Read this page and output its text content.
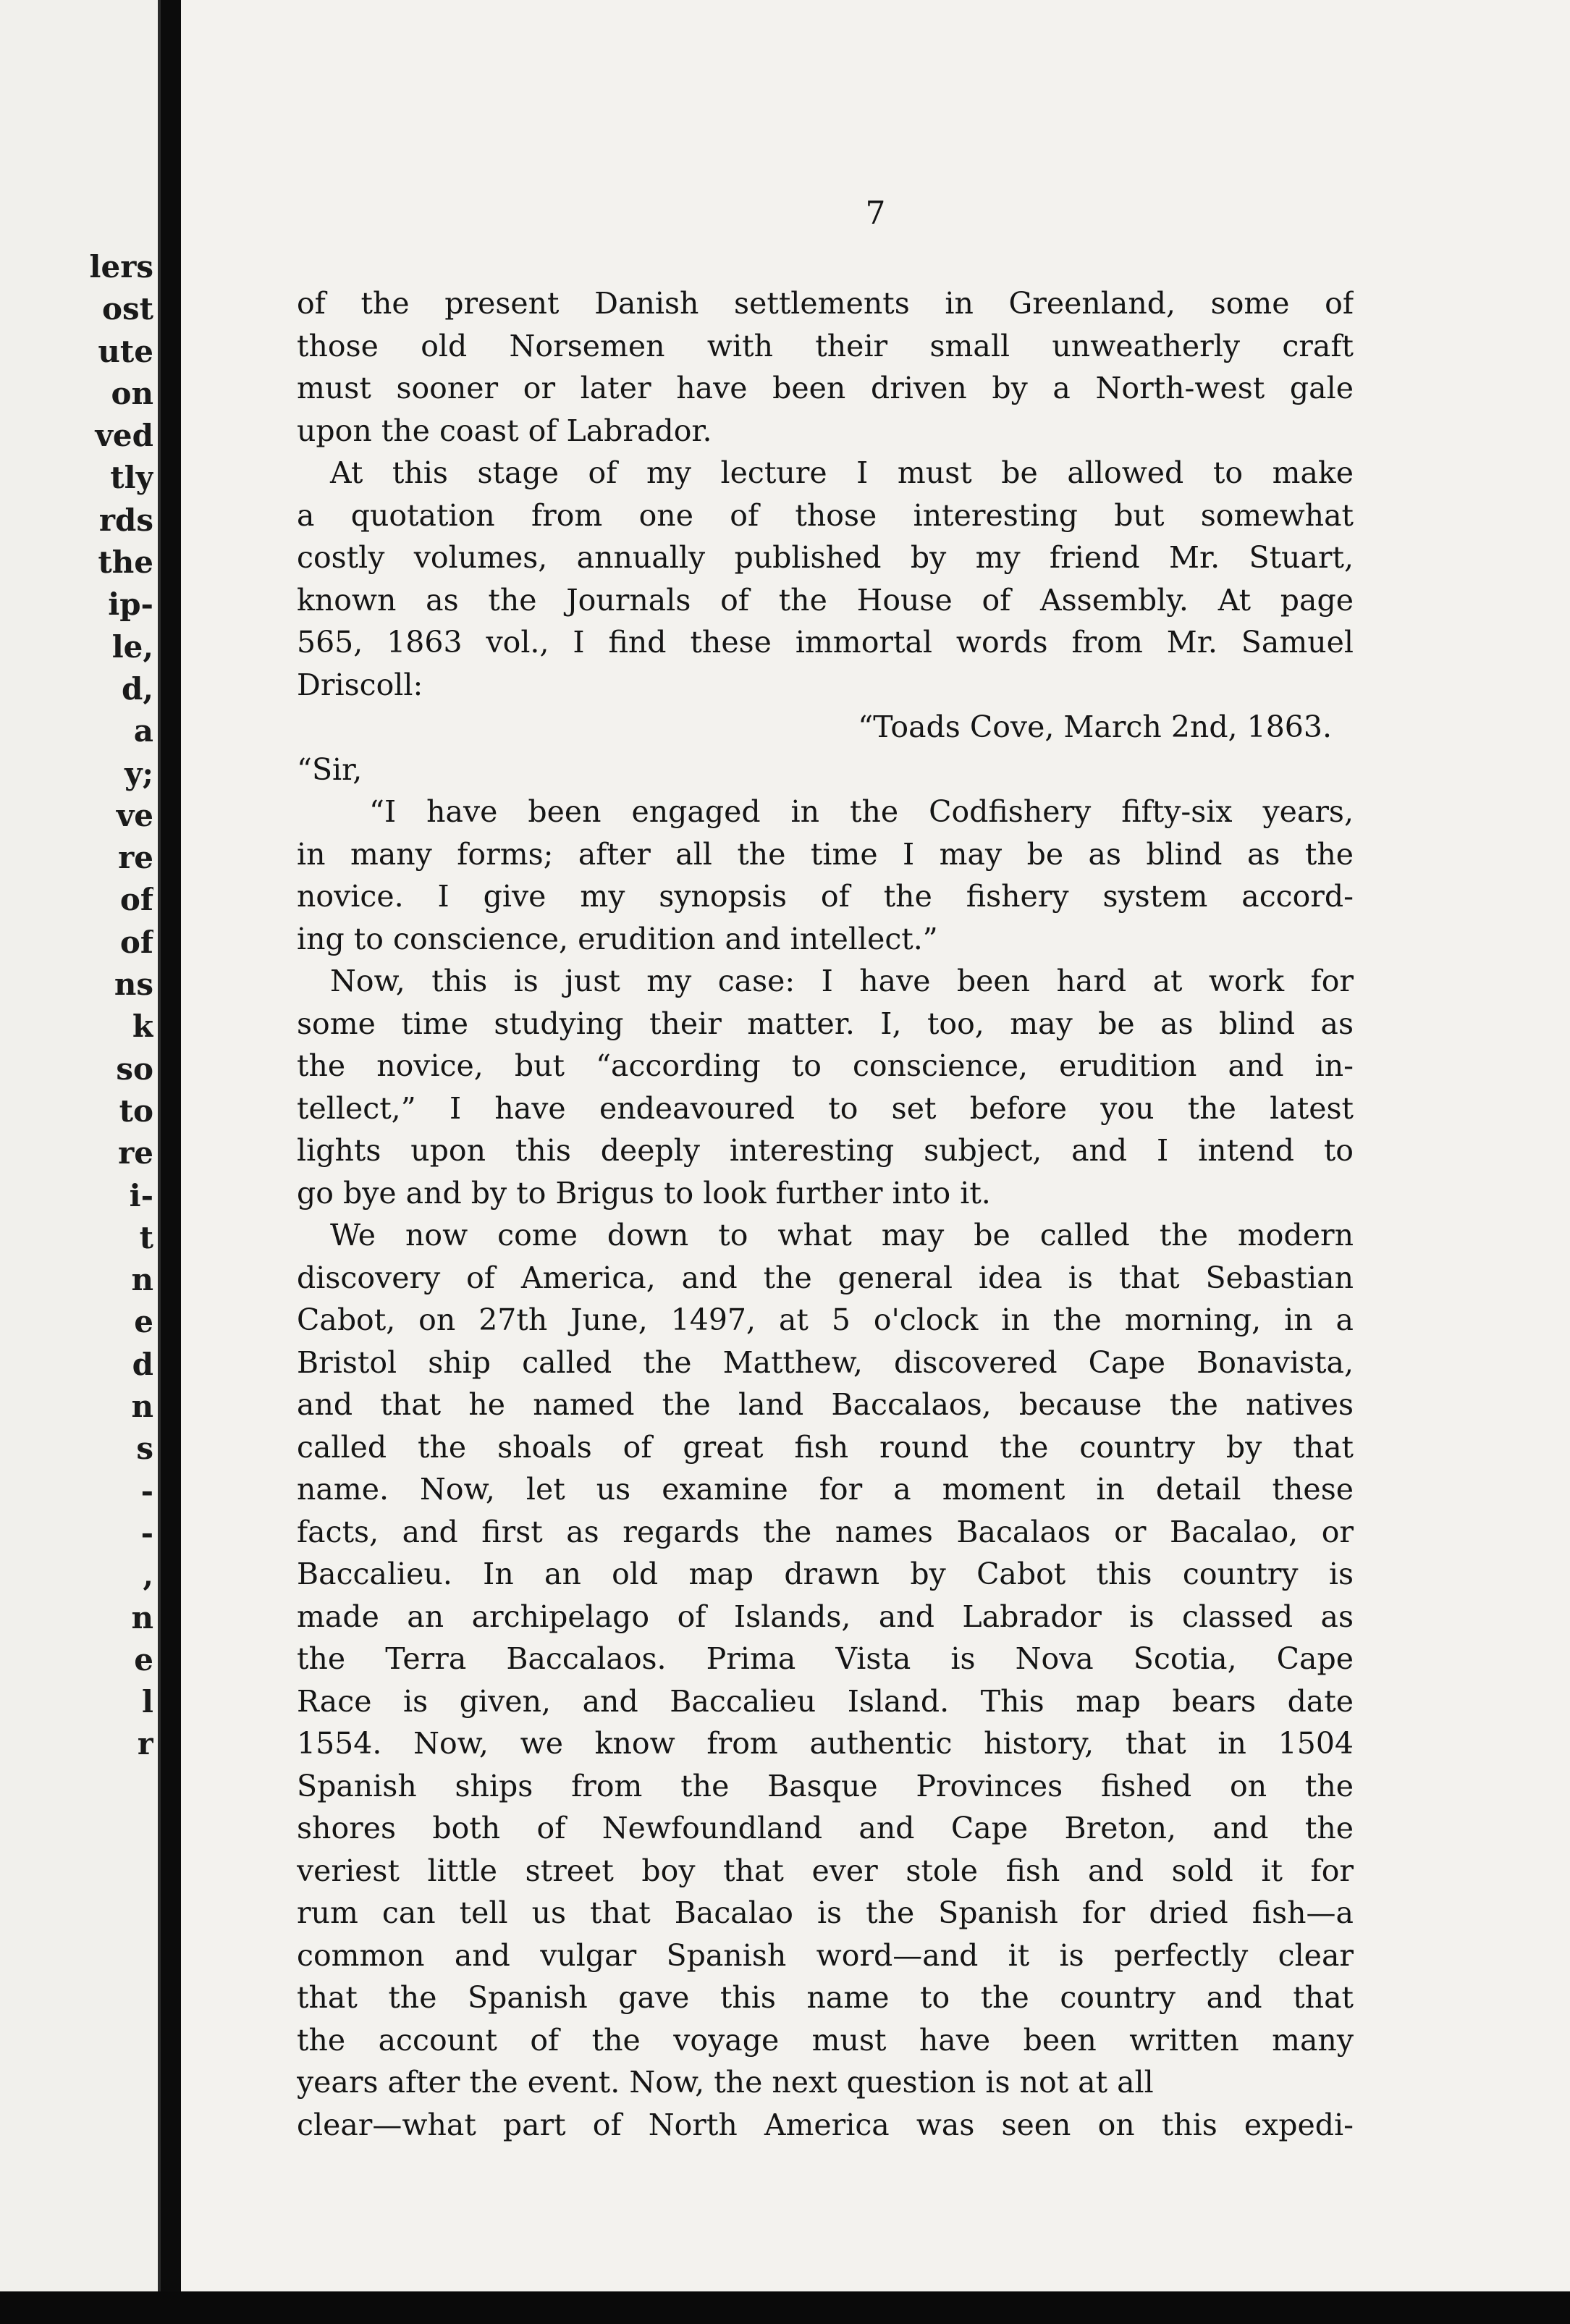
lers
ost
ute
on
ved
tly
rds
the
ip-
le,
d,
a
y;
ve
re
of
of
ns
k
so
to
re
i-
t
n
e
d
n
s
-
-
,
n
e
l
r
7
of the present Danish settlements in Greenland, some of
those old Norsemen with their small unweatherly craft
must sooner or later have been driven by a North-west gale
upon the coast of Labrador.
At this stage of my lecture I must be allowed to make
a quotation from one of those interesting but somewhat
costly volumes, annually published by my friend Mr. Stuart,
known as the Journals of the House of Assembly. At page
565, 1863 vol., I find these immortal words from Mr. Samuel
Driscoll:
“Toads Cove, March 2nd, 1863.
“Sir,
“I have been engaged in the Codfishery fifty-six years,
in many forms; after all the time I may be as blind as the
novice. I give my synopsis of the fishery system accord-
ing to conscience, erudition and intellect.”
Now, this is just my case: I have been hard at work for
some time studying their matter. I, too, may be as blind as
the novice, but “according to conscience, erudition and in-
tellect,” I have endeavoured to set before you the latest
lights upon this deeply interesting subject, and I intend to
go bye and by to Brigus to look further into it.
We now come down to what may be called the modern
discovery of America, and the general idea is that Sebastian
Cabot, on 27th June, 1497, at 5 o'clock in the morning, in a
Bristol ship called the Matthew, discovered Cape Bonavista,
and that he named the land Baccalaos, because the natives
called the shoals of great fish round the country by that
name. Now, let us examine for a moment in detail these
facts, and first as regards the names Bacalaos or Bacalao, or
Baccalieu. In an old map drawn by Cabot this country is
made an archipelago of Islands, and Labrador is classed as
the Terra Baccalaos. Prima Vista is Nova Scotia, Cape
Race is given, and Baccalieu Island. This map bears date
1554. Now, we know from authentic history, that in 1504
Spanish ships from the Basque Provinces fished on the
shores both of Newfoundland and Cape Breton, and the
veriest little street boy that ever stole fish and sold it for
rum can tell us that Bacalao is the Spanish for dried fish—a
common and vulgar Spanish word—and it is perfectly clear
that the Spanish gave this name to the country and that
the account of the voyage must have been written many
years after the event. Now, the next question is not at all
clear—what part of North America was seen on this expedi-
